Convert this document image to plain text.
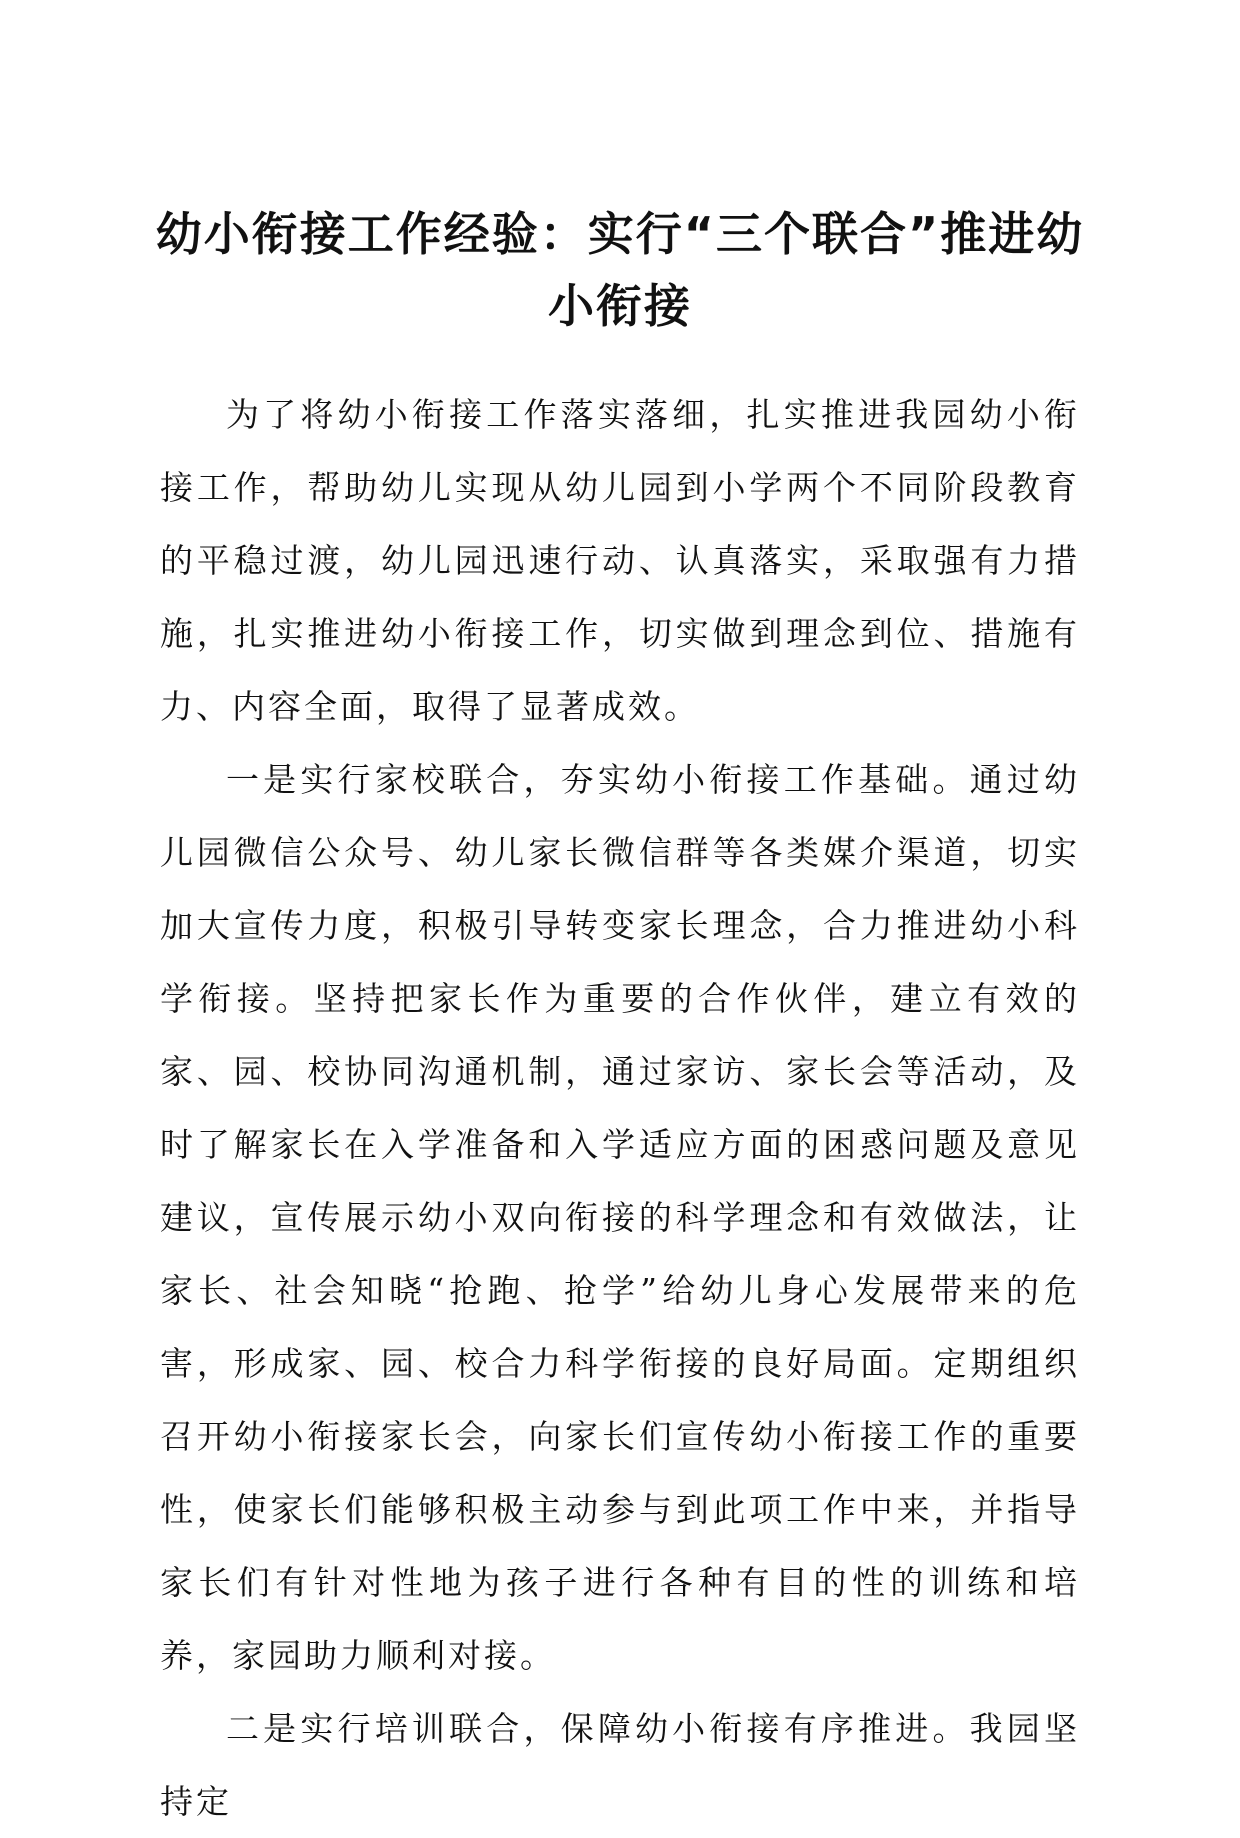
幼小衔接工作经验：实行“三个联合”推进幼小衔接

为了将幼小衔接工作落实落细，扎实推进我园幼小衔接工作，帮助幼儿实现从幼儿园到小学两个不同阶段教育的平稳过渡，幼儿园迅速行动、认真落实，采取强有力措施，扎实推进幼小衔接工作，切实做到理念到位、措施有力、内容全面，取得了显著成效。

一是实行家校联合，夯实幼小衔接工作基础。通过幼儿园微信公众号、幼儿家长微信群等各类媒介渠道，切实加大宣传力度，积极引导转变家长理念，合力推进幼小科学衔接。坚持把家长作为重要的合作伙伴，建立有效的家、园、校协同沟通机制，通过家访、家长会等活动，及时了解家长在入学准备和入学适应方面的困惑问题及意见建议，宣传展示幼小双向衔接的科学理念和有效做法，让家长、社会知晓“抢跑、抢学”给幼儿身心发展带来的危害，形成家、园、校合力科学衔接的良好局面。定期组织召开幼小衔接家长会，向家长们宣传幼小衔接工作的重要性，使家长们能够积极主动参与到此项工作中来，并指导家长们有针对性地为孩子进行各种有目的性的训练和培养，家园助力顺利对接。

二是实行培训联合，保障幼小衔接有序推进。我园坚持定
